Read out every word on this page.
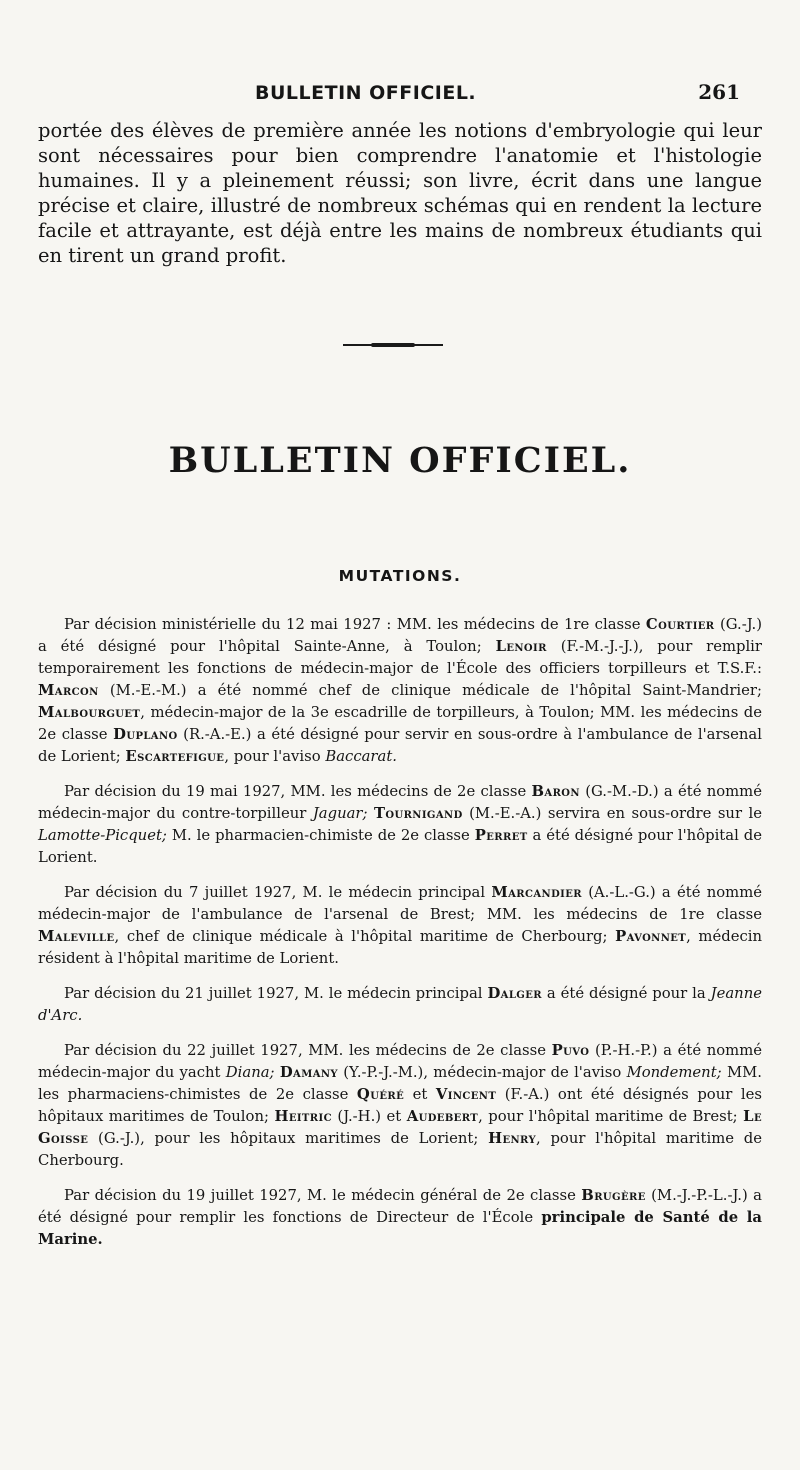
BULLETIN OFFICIEL.	261

portée des élèves de première année les notions d'embryologie qui leur sont nécessaires pour bien comprendre l'anatomie et l'histologie humaines. Il y a pleinement réussi; son livre, écrit dans une langue précise et claire, illustré de nombreux schémas qui en rendent la lecture facile et attrayante, est déjà entre les mains de nombreux étudiants qui en tirent un grand profit.

BULLETIN OFFICIEL.
MUTATIONS.

Par décision ministérielle du 12 mai 1927 : MM. les médecins de 1re classe Courtier (G.-J.) a été désigné pour l'hôpital Sainte-Anne, à Toulon; Lenoir (F.-M.-J.-J.), pour remplir temporairement les fonctions de médecin-major de l'École des officiers torpilleurs et T.S.F.: Marcon (M.-E.-M.) a été nommé chef de clinique médicale de l'hôpital Saint-Mandrier; Malbourguet, médecin-major de la 3e escadrille de torpilleurs, à Toulon; MM. les médecins de 2e classe Duplano (R.-A.-E.) a été désigné pour servir en sous-ordre à l'ambulance de l'arsenal de Lorient; Escartefigue, pour l'aviso Baccarat.

Par décision du 19 mai 1927, MM. les médecins de 2e classe Baron (G.-M.-D.) a été nommé médecin-major du contre-torpilleur Jaguar; Tournigand (M.-E.-A.) servira en sous-ordre sur le Lamotte-Picquet; M. le pharmacien-chimiste de 2e classe Perret a été désigné pour l'hôpital de Lorient.

Par décision du 7 juillet 1927, M. le médecin principal Marcandier (A.-L.-G.) a été nommé médecin-major de l'ambulance de l'arsenal de Brest; MM. les médecins de 1re classe Maleville, chef de clinique médicale à l'hôpital maritime de Cherbourg; Pavonnet, médecin résident à l'hôpital maritime de Lorient.

Par décision du 21 juillet 1927, M. le médecin principal Dalger a été désigné pour la Jeanne d'Arc.

Par décision du 22 juillet 1927, MM. les médecins de 2e classe Puvo (P.-H.-P.) a été nommé médecin-major du yacht Diana; Damany (Y.-P.-J.-M.), médecin-major de l'aviso Mondement; MM. les pharmaciens-chimistes de 2e classe Quéré et Vincent (F.-A.) ont été désignés pour les hôpitaux maritimes de Toulon; Heitric (J.-H.) et Audebert, pour l'hôpital maritime de Brest; Le Goisse (G.-J.), pour les hôpitaux maritimes de Lorient; Henry, pour l'hôpital maritime de Cherbourg.

Par décision du 19 juillet 1927, M. le médecin général de 2e classe Brugère (M.-J.-P.-L.-J.) a été désigné pour remplir les fonctions de Directeur de l'École principale de Santé de la Marine.
